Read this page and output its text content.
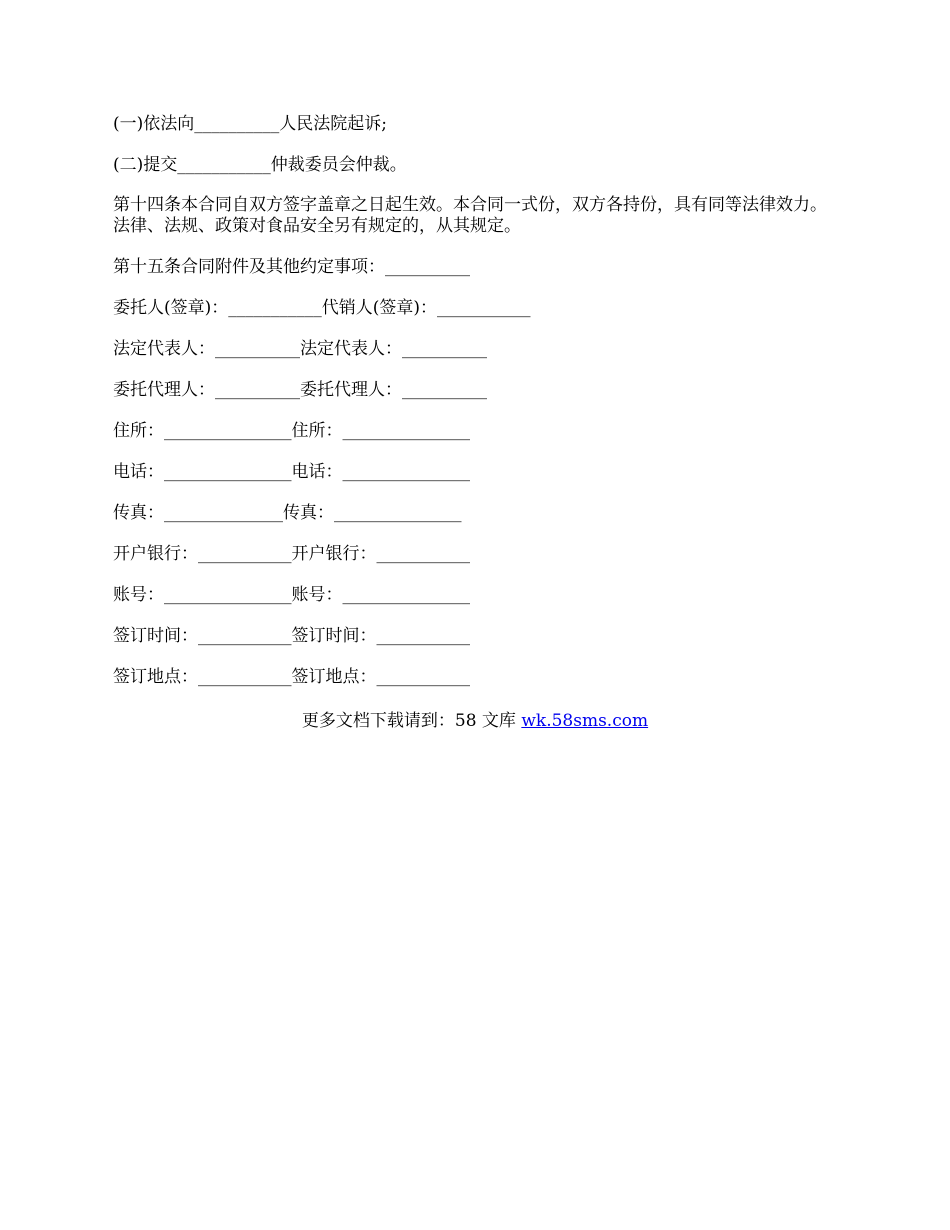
(一)依法向__________人民法院起诉;
(二)提交___________仲裁委员会仲裁。
第十四条本合同自双方签字盖章之日起生效。本合同一式份，双方各持份，具有同等法律效力。法律、法规、政策对食品安全另有规定的，从其规定。
第十五条合同附件及其他约定事项：__________
委托人(签章)：___________代销人(签章)：___________
法定代表人：__________法定代表人：__________
委托代理人：__________委托代理人：__________
住所：_______________住所：_______________
电话：_______________电话：_______________
传真：______________传真：_______________
开户银行：___________开户银行：___________
账号：_______________账号：_______________
签订时间：___________签订时间：___________
签订地点：___________签订地点：___________
更多文档下载请到：58 文库 wk.58sms.com
